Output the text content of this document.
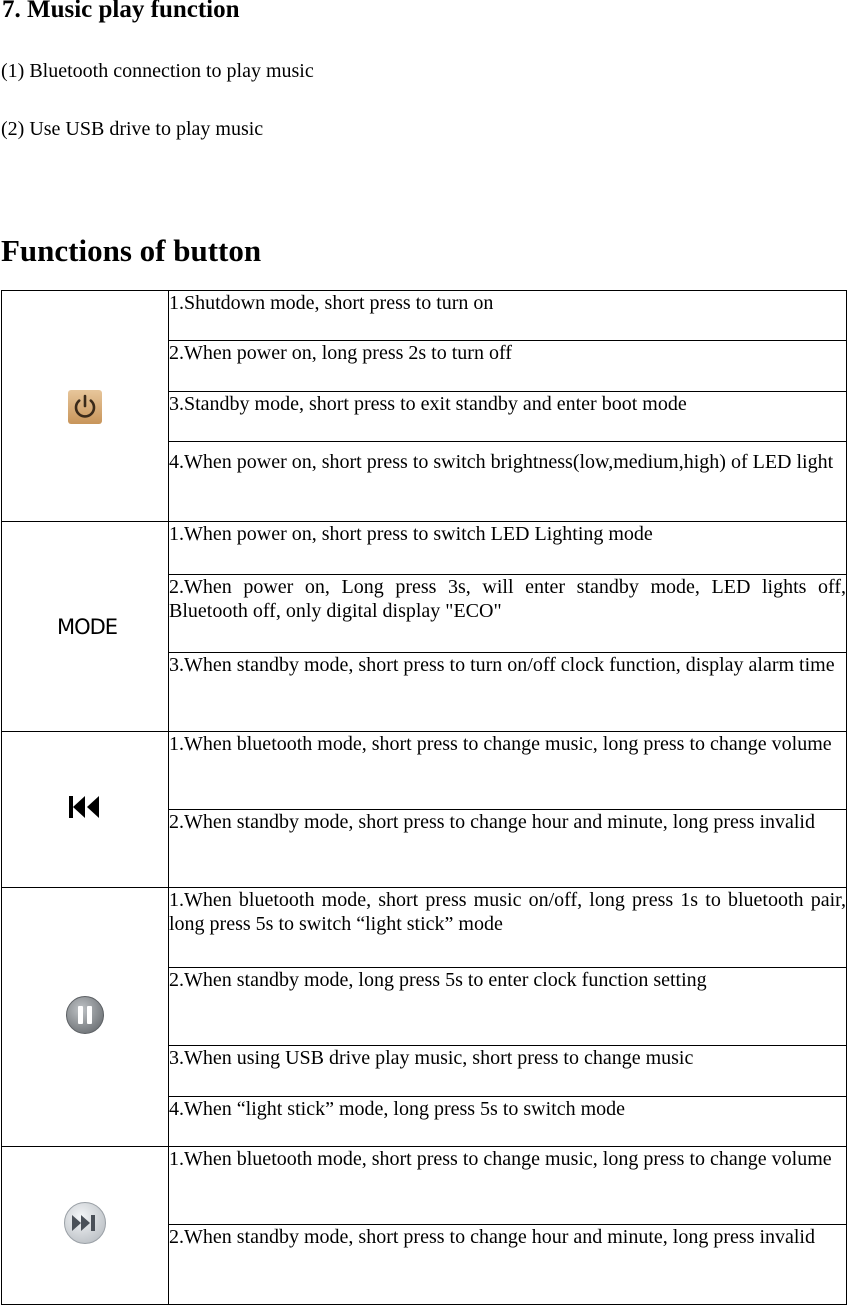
7. Music play function
(1) Bluetooth connection to play music
(2) Use USB drive to play music
Functions of button

1.Shutdown mode, short press to turn on

	2.When power on, long press 2s to turn off

	3.Standby mode, short press to exit standby and enter boot mode

	4.When power on, short press to switch brightness(low,medium,high) of LED light

MODE	1.When power on, short press to switch LED Lighting mode

	2.When power on, Long press 3s, will enter standby mode, LED lights off, Bluetooth off, only digital display "ECO"

	3.When standby mode, short press to turn on/off clock function, display alarm time

1.When bluetooth mode, short press to change music, long press to change volume

	2.When standby mode, short press to change hour and minute, long press invalid

1.When bluetooth mode, short press music on/off, long press 1s to bluetooth pair, long press 5s to switch “light stick” mode

	2.When standby mode, long press 5s to enter clock function setting

	3.When using USB drive play music, short press to change music

	4.When “light stick” mode, long press 5s to switch mode

1.When bluetooth mode, short press to change music, long press to change volume

	2.When standby mode, short press to change hour and minute, long press invalid
